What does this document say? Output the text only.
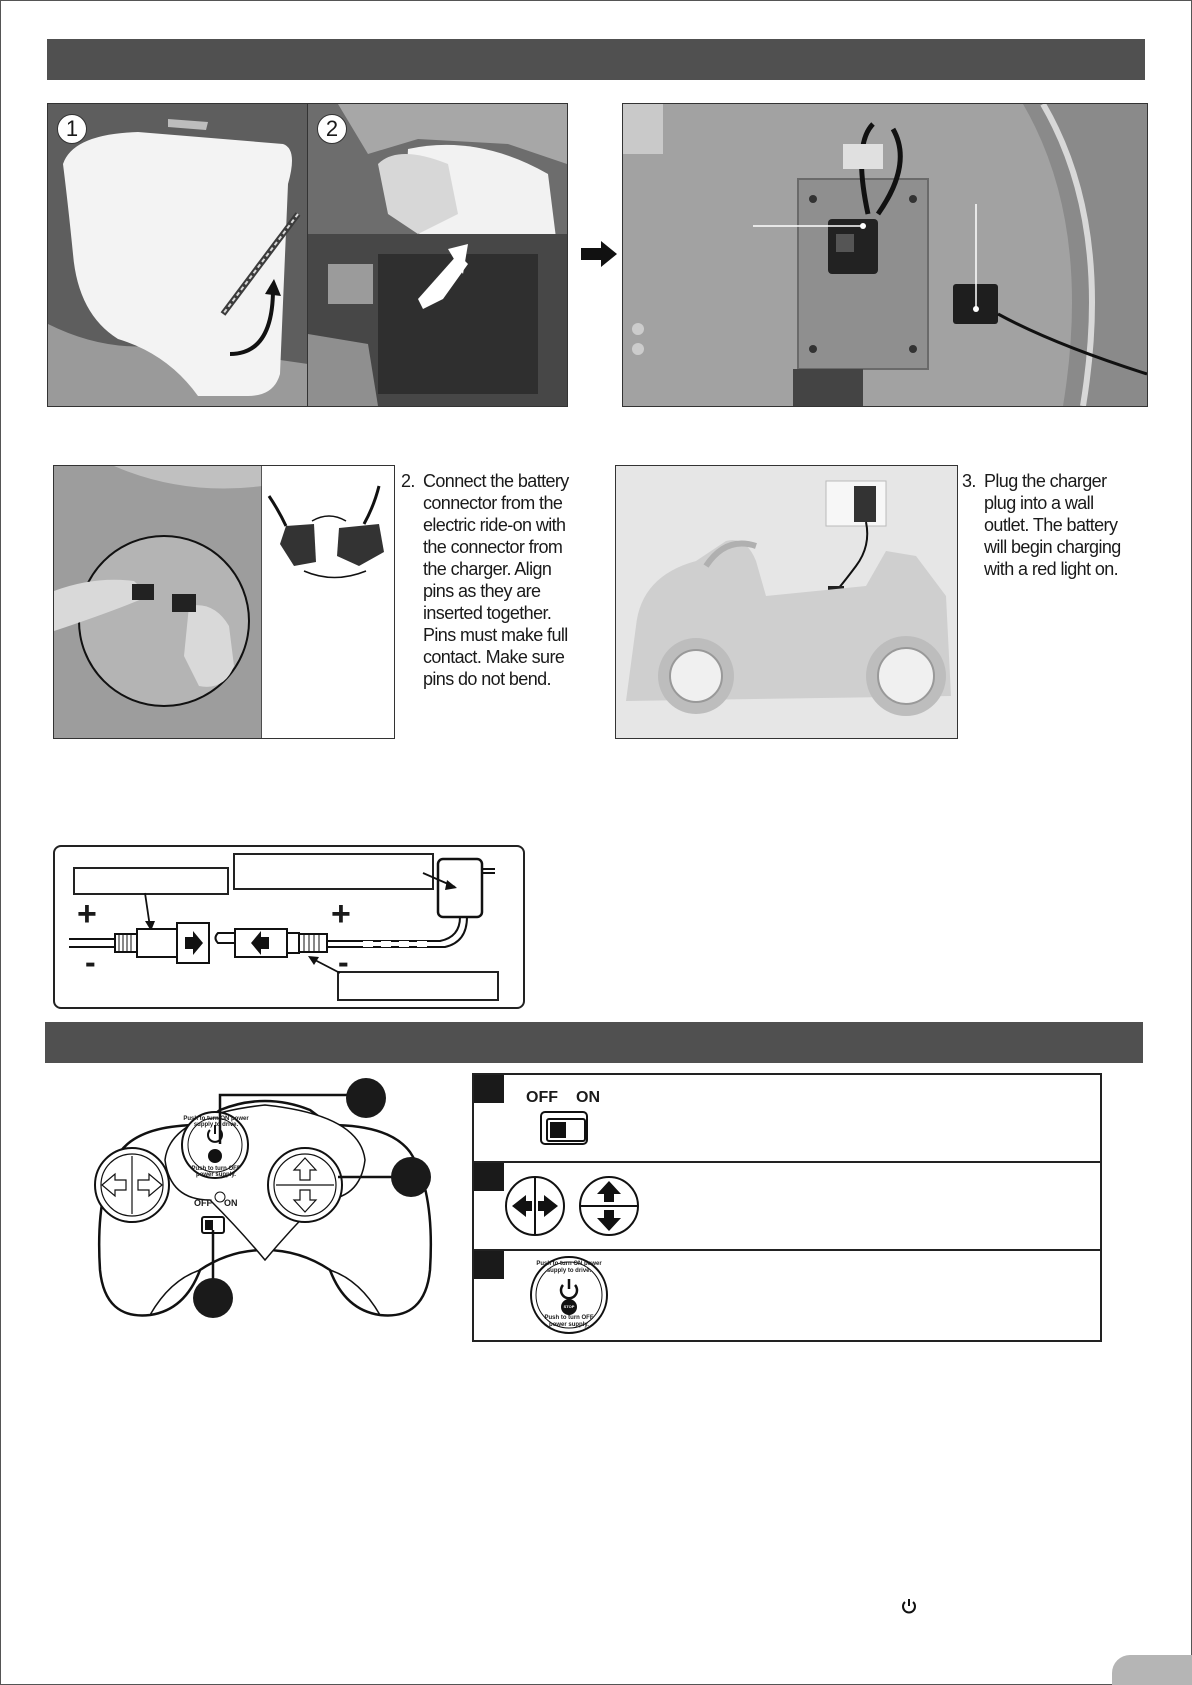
1	2
2. Connect the battery
connector from the
electric ride-on with
the connector from
the charger. Align
pins as they are
inserted together.
Pins must make full
contact. Make sure
pins do not bend.
3. Plug the charger
plug into a wall
outlet. The battery
will begin charging
with a red light on.
+
-
+
-
Push to turn ON power supply to drive.
Push to turn OFF power supply.
OFF ON
OFF ON
Push to turn ON power supply to drive.
STOP
Push to turn OFF power supply.
